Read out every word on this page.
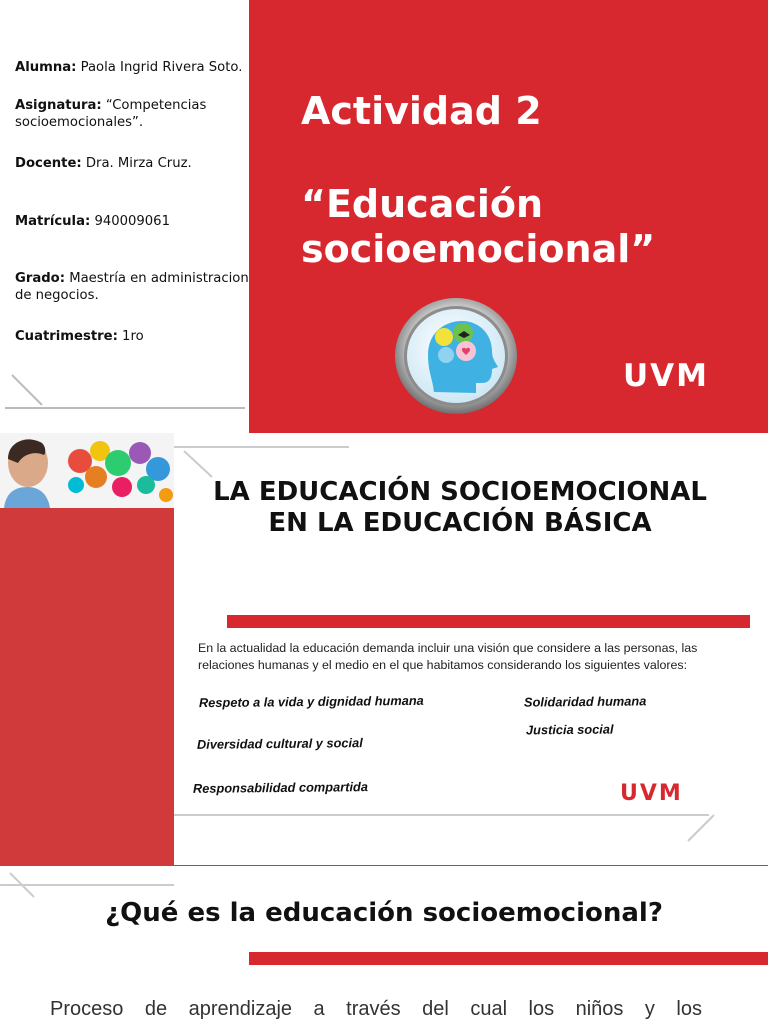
Alumna: Paola Ingrid Rivera Soto.
Asignatura: “Competencias socioemocionales”.
Docente: Dra. Mirza Cruz.
Matrícula: 940009061
Grado: Maestría en administracion de negocios.
Cuatrimestre: 1ro
Actividad 2
“Educación socioemocional”
UVM
LA EDUCACIÓN SOCIOEMOCIONAL EN LA EDUCACIÓN BÁSICA
En la actualidad la educación demanda incluir una visión que considere a las personas, las relaciones humanas y el medio en el que habitamos considerando los siguientes valores:
Respeto a la vida y dignidad humana	Solidaridad humana
Justicia social
Diversidad cultural y social
Responsabilidad compartida	UVM
¿Qué es la educación socioemocional?
Proceso de aprendizaje a través del cual los niños y los
